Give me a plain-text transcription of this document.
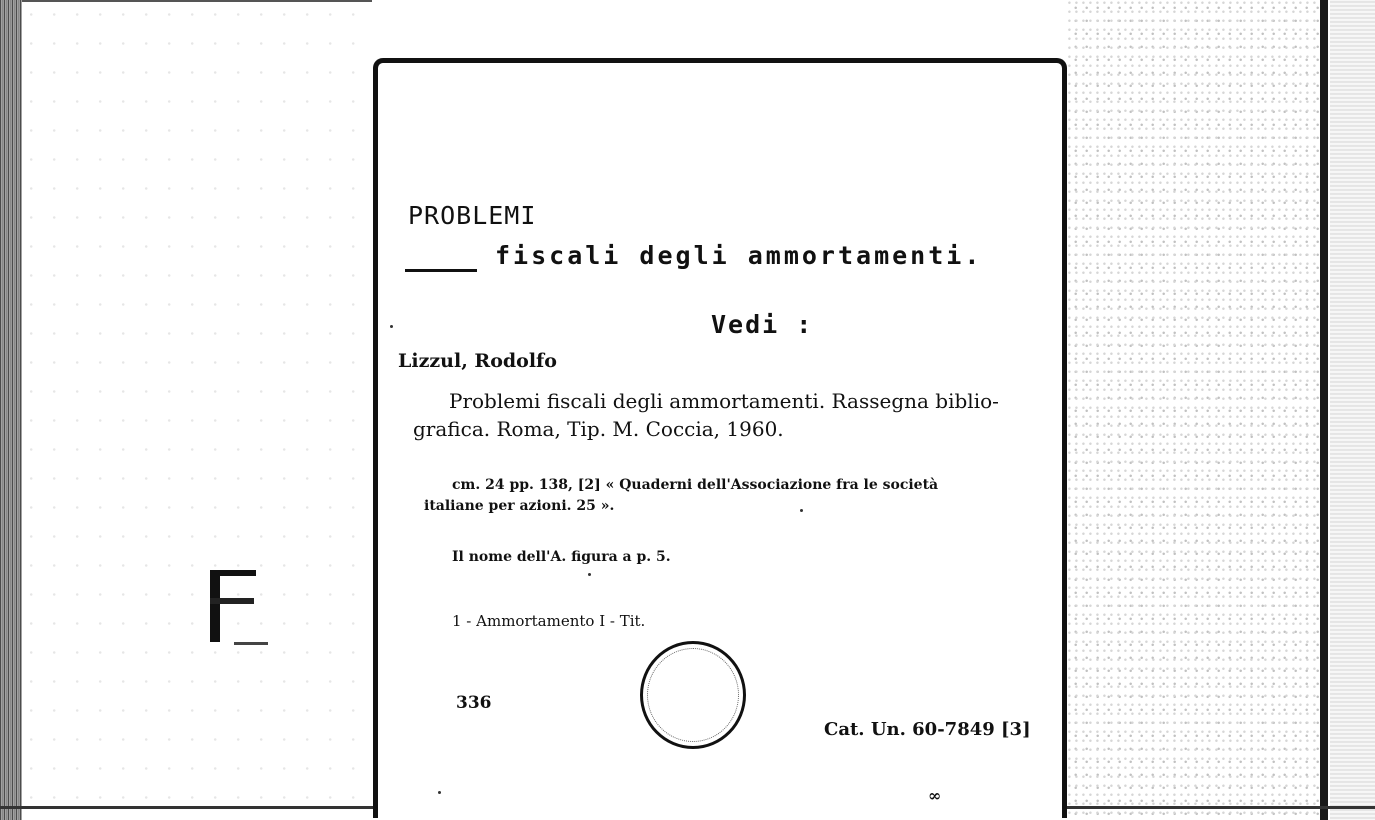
PROBLEMI

fiscali degli ammortamenti.

Vedi :

Lizzul, Rodolfo

Problemi fiscali degli ammortamenti. Rassegna biblio-

grafica. Roma, Tip. M. Coccia, 1960.

cm. 24 pp. 138, [2] « Quaderni dell'Associazione fra le società

italiane per azioni. 25 ».

Il nome dell'A. figura a p. 5.

1 - Ammortamento I - Tit.

336

Cat. Un. 60-7849 [3]

∞
